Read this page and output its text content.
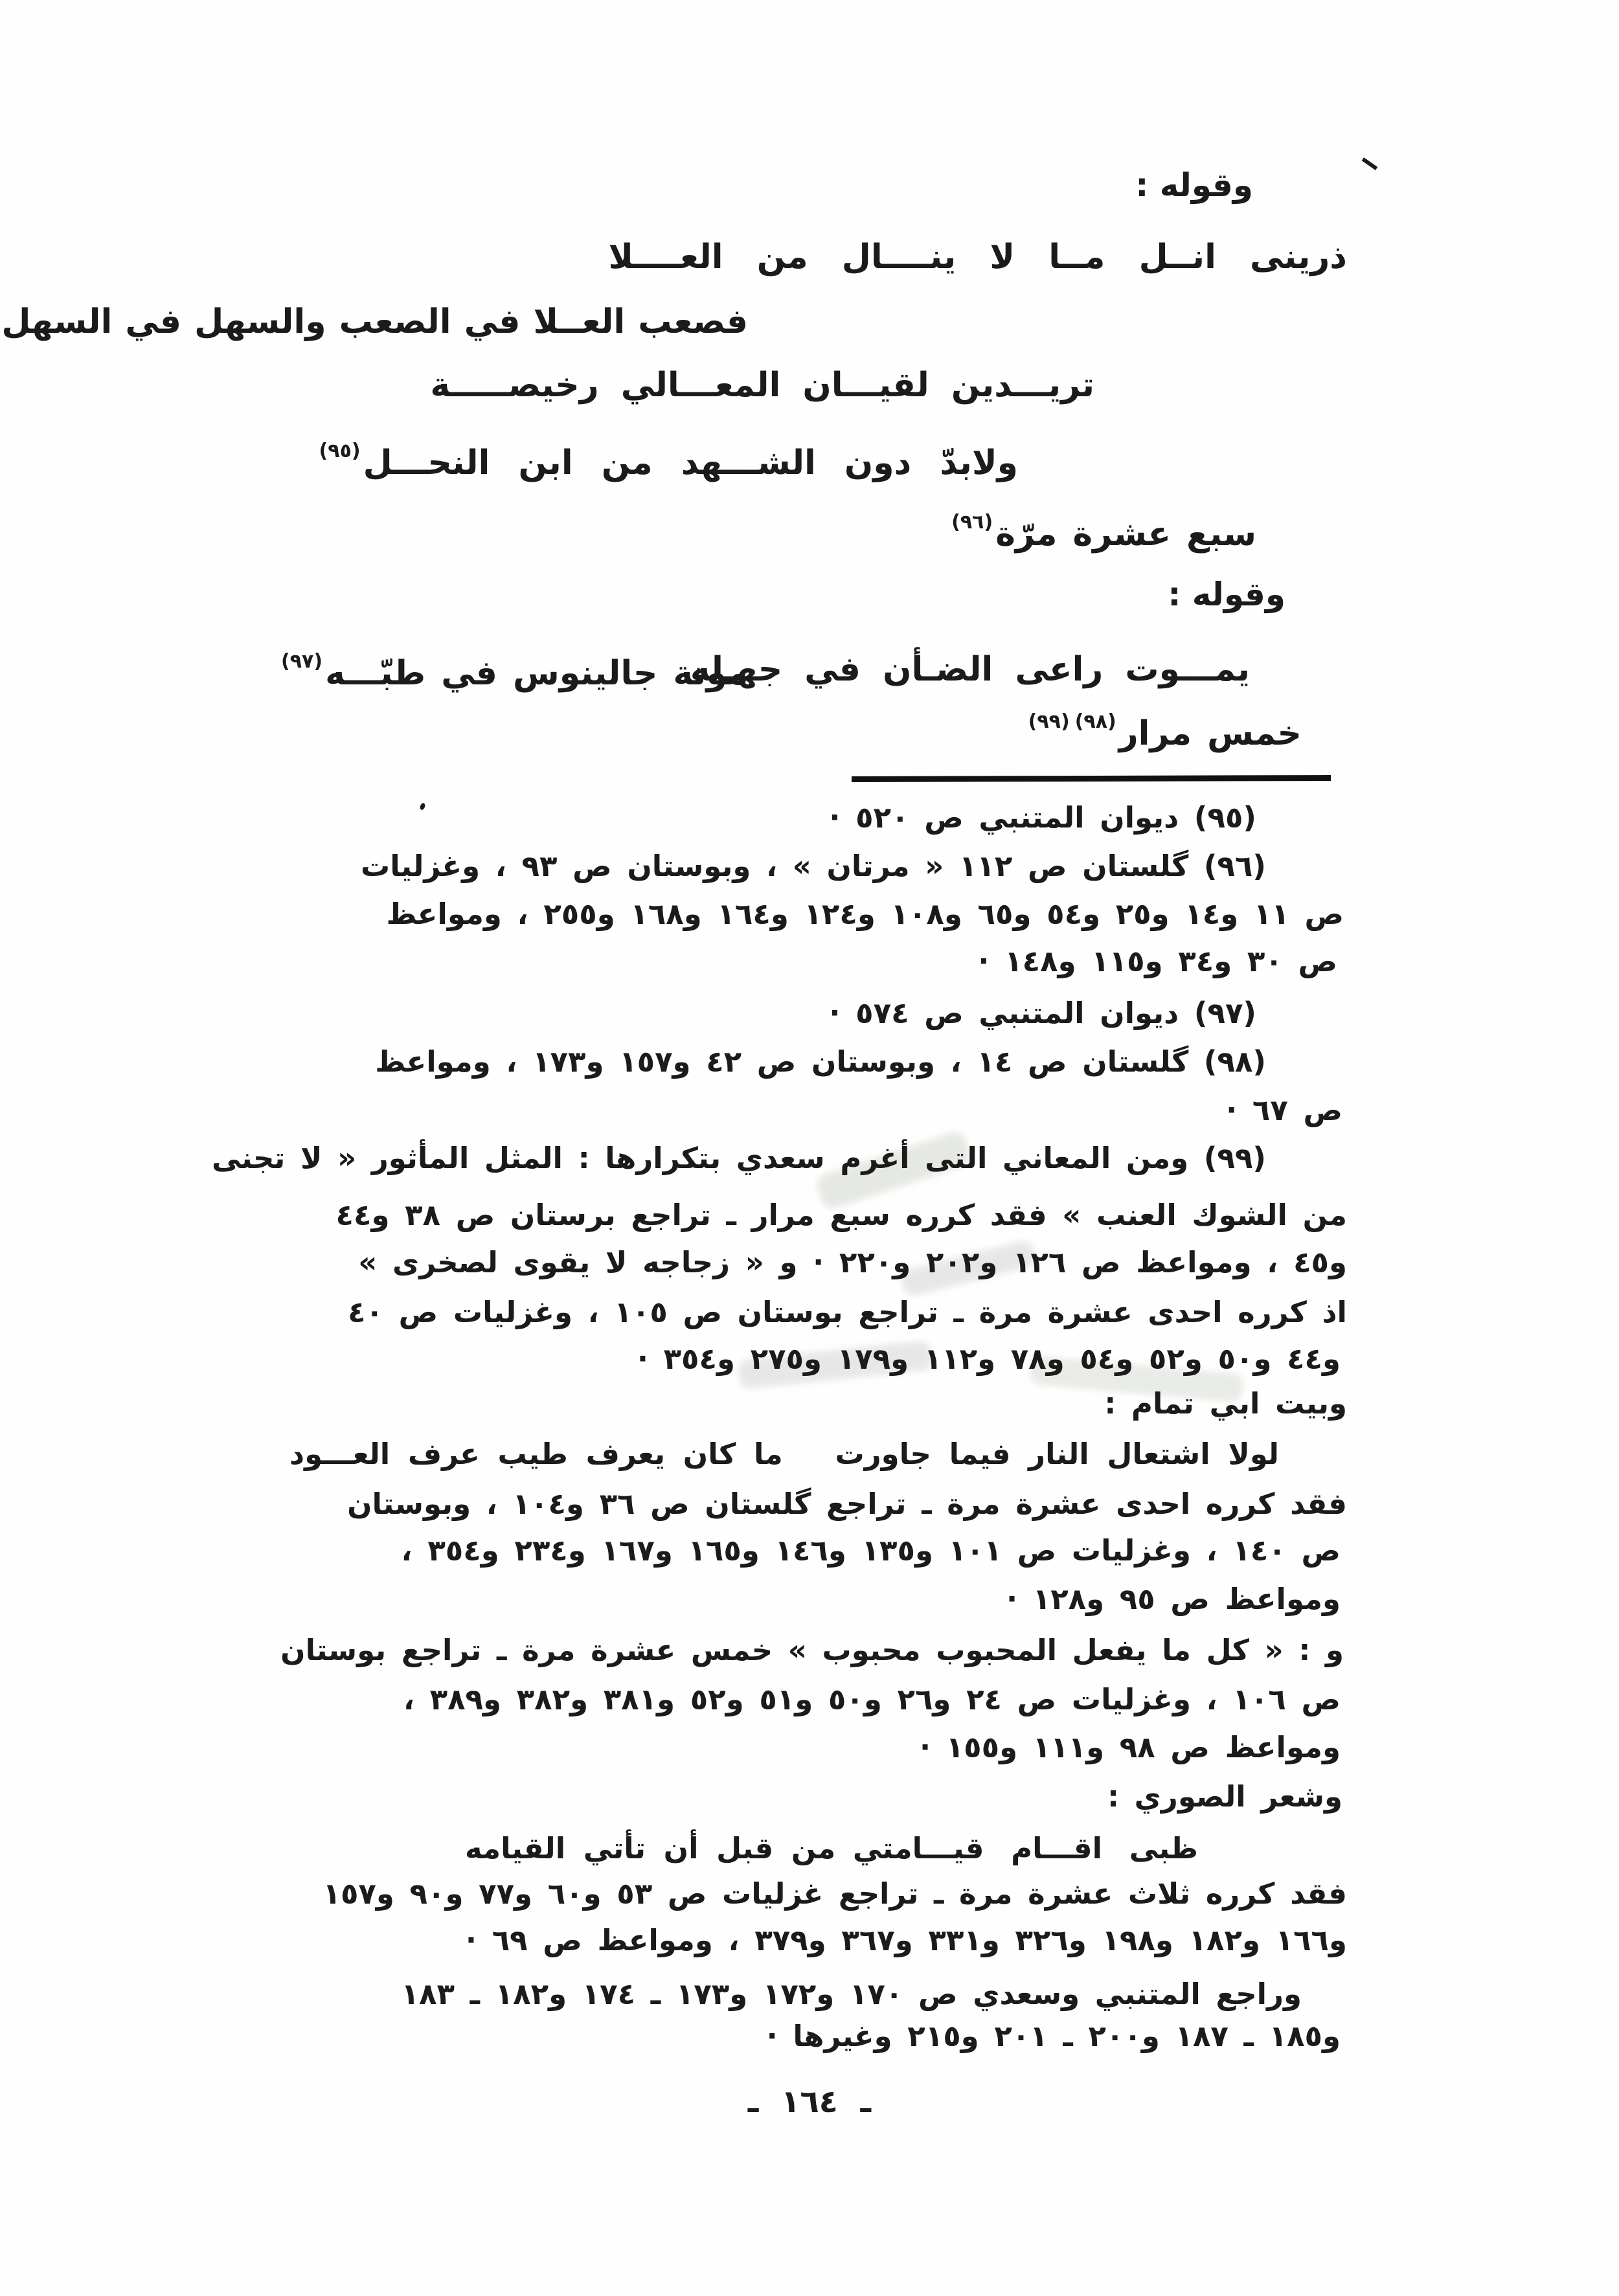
وقوله :
ذرينى انــل مــا لا ينــــال من العــــلا
فصعب العــلا في الصعب والسهل في السهل
تريـــدين لقيـــان المعـــالي رخيصـــــة
ولابدّ دون الشـــهد من ابن النحـــل$^{(٩٥)}$
سبع عشرة مرّة$^{(٩٦)}$
وقوله :
يمـــوت راعى الضـأن في جهـله
موتة جالينوس في طبّـــه$^{(٩٧)}$
خمس مرار$^{(٩٨)(٩٩)}$
(٩٥) ديوان المتنبي ص ٥٢٠ ·
(٩٦) گلستان ص ١١٢ « مرتان » ، وبوستان ص ٩٣ ، وغزليات
ص ١١ و١٤ و٢٥ و٥٤ و٦٥ و١٠٨ و١٢٤ و١٦٤ و١٦٨ و٢٥٥ ، ومواعظ
ص ٣٠ و٣٤ و١١٥ و١٤٨ ·
(٩٧) ديوان المتنبي ص ٥٧٤ ·
(٩٨) گلستان ص ١٤ ، وبوستان ص ٤٢ و١٥٧ و١٧٣ ، ومواعظ
ص ٦٧ ·
(٩٩) ومن المعاني التى أغرم سعدي بتكرارها : المثل المأثور « لا تجنى
من الشوك العنب » فقد كرره سبع مرار ـ تراجع برستان ص ٣٨ و٤٤
و٤٥ ، ومواعظ ص ١٢٦ و٢٠٢ و٢٢٠ · و « زجاجه لا يقوى لصخرى »
اذ كرره احدى عشرة مرة ـ تراجع بوستان ص ١٠٥ ، وغزليات ص ٤٠
و٤٤ و٥٠ و٥٢ و٥٤ و٧٨ و١١٢ و١٧٩ و٢٧٥ و٣٥٤ ·
وبيت ابي تمام :
لولا اشتعال النار فيما جاورت
ما كان يعرف طيب عرف العـــود
فقد كرره احدى عشرة مرة ـ تراجع گلستان ص ٣٦ و١٠٤ ، وبوستان
ص ١٤٠ ، وغزليات ص ١٠١ و١٣٥ و١٤٦ و١٦٥ و١٦٧ و٢٣٤ و٣٥٤ ،
ومواعظ ص ٩٥ و١٢٨ ·
و : « كل ما يفعل المحبوب محبوب » خمس عشرة مرة ـ تراجع بوستان
ص ١٠٦ ، وغزليات ص ٢٤ و٢٦ و٥٠ و٥١ و٥٢ و٣٨١ و٣٨٢ و٣٨٩ ،
ومواعظ ص ٩٨ و١١١ و١٥٥ ·
وشعر الصوري :
ظبى اقـــام قيـــامتي
من قبل أن تأتي القيامه
فقد كرره ثلاث عشرة مرة ـ تراجع غزليات ص ٥٣ و٦٠ و٧٧ و٩٠ و١٥٧
و١٦٦ و١٨٢ و١٩٨ و٣٢٦ و٣٣١ و٣٦٧ و٣٧٩ ، ومواعظ ص ٦٩ ·
وراجع المتنبي وسعدي ص ١٧٠ و١٧٢ و١٧٣ ـ ١٧٤ و١٨٢ ـ ١٨٣
و١٨٥ ـ ١٨٧ و٢٠٠ ـ ٢٠١ و٢١٥ وغيرها ·
ـ ١٦٤ ـ
